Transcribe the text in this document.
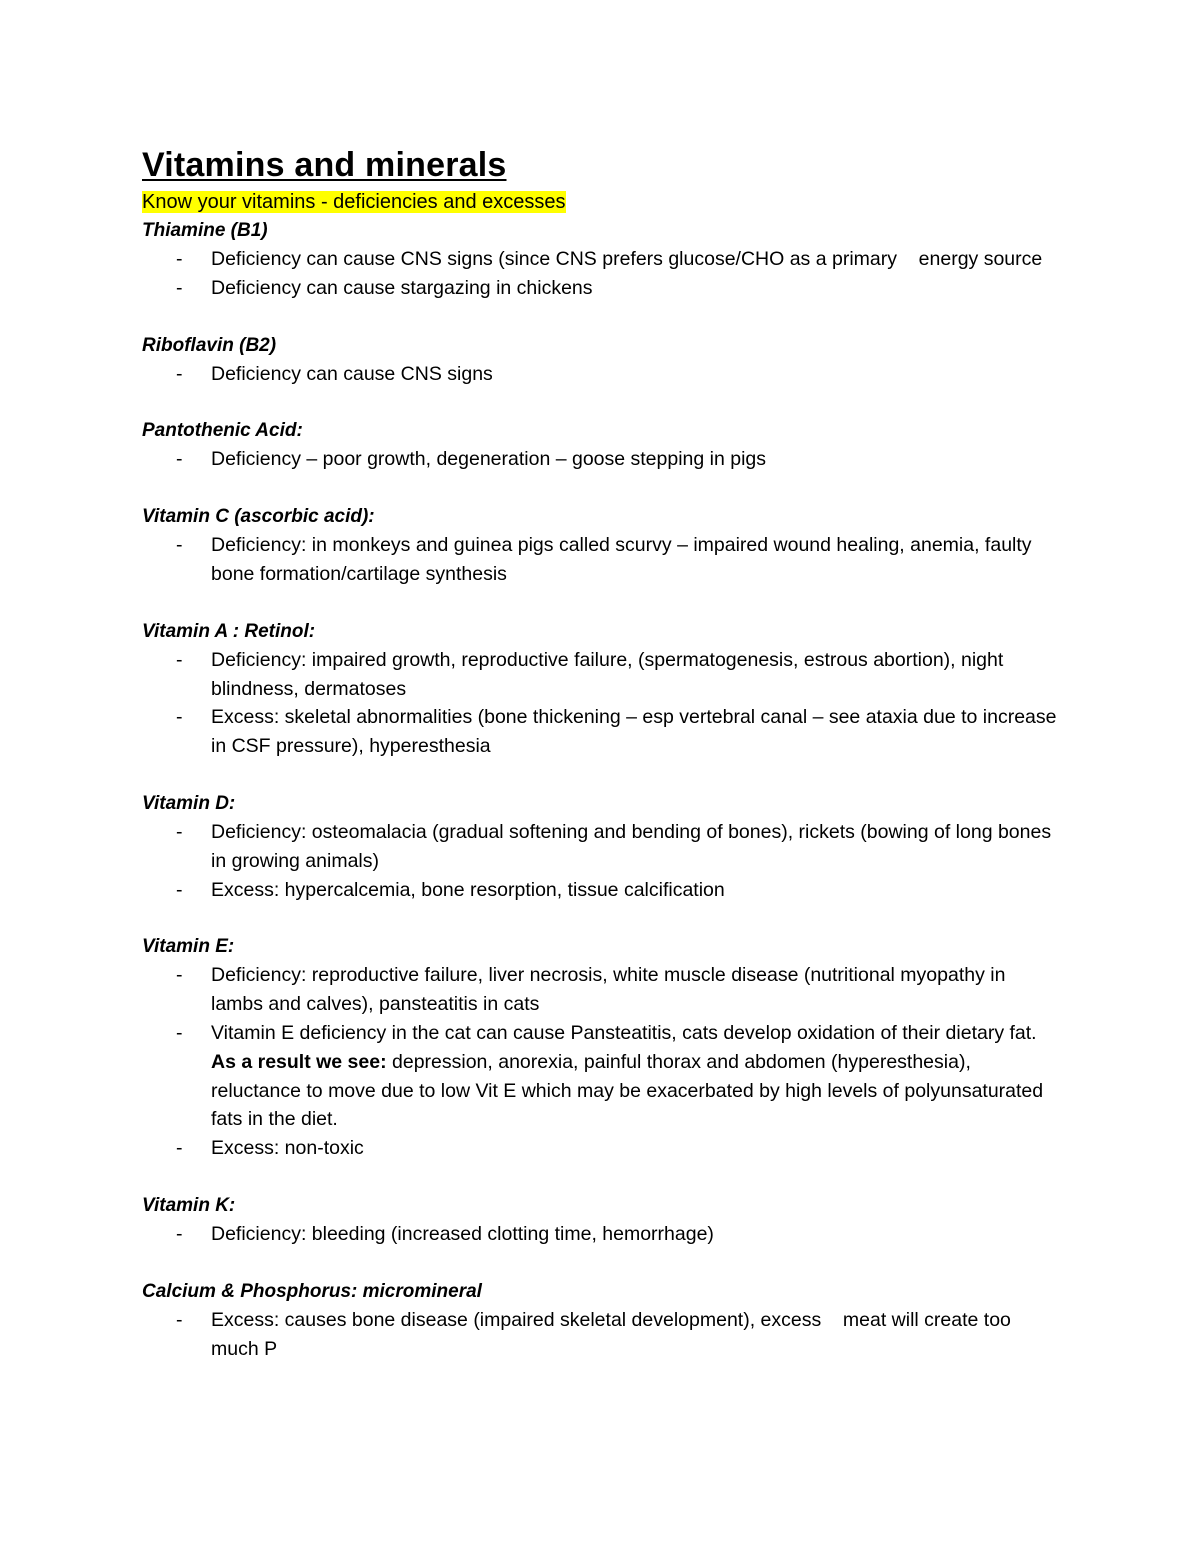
Vitamins and minerals

Know your vitamins - deficiencies and excesses

Thiamine (B1)

- Deficiency can cause CNS signs (since CNS prefers glucose/CHO as a primary    energy source
- Deficiency can cause stargazing in chickens

Riboflavin (B2)

- Deficiency can cause CNS signs

Pantothenic Acid:

- Deficiency – poor growth, degeneration – goose stepping in pigs

Vitamin C (ascorbic acid):

- Deficiency: in monkeys and guinea pigs called scurvy – impaired wound healing, anemia, faulty bone formation/cartilage synthesis

Vitamin A : Retinol:

- Deficiency: impaired growth, reproductive failure, (spermatogenesis, estrous abortion), night blindness, dermatoses
- Excess: skeletal abnormalities (bone thickening – esp vertebral canal – see ataxia due to increase in CSF pressure), hyperesthesia

Vitamin D:

- Deficiency: osteomalacia (gradual softening and bending of bones), rickets (bowing of long bones in growing animals)
- Excess: hypercalcemia, bone resorption, tissue calcification

Vitamin E:

- Deficiency: reproductive failure, liver necrosis, white muscle disease (nutritional myopathy in lambs and calves), pansteatitis in cats
- Vitamin E deficiency in the cat can cause Pansteatitis, cats develop oxidation of their dietary fat. As a result we see: depression, anorexia, painful thorax and abdomen (hyperesthesia), reluctance to move due to low Vit E which may be exacerbated by high levels of polyunsaturated fats in the diet.
- Excess: non-toxic

Vitamin K:

- Deficiency: bleeding (increased clotting time, hemorrhage)

Calcium & Phosphorus: micromineral

- Excess: causes bone disease (impaired skeletal development), excess    meat will create too much P
